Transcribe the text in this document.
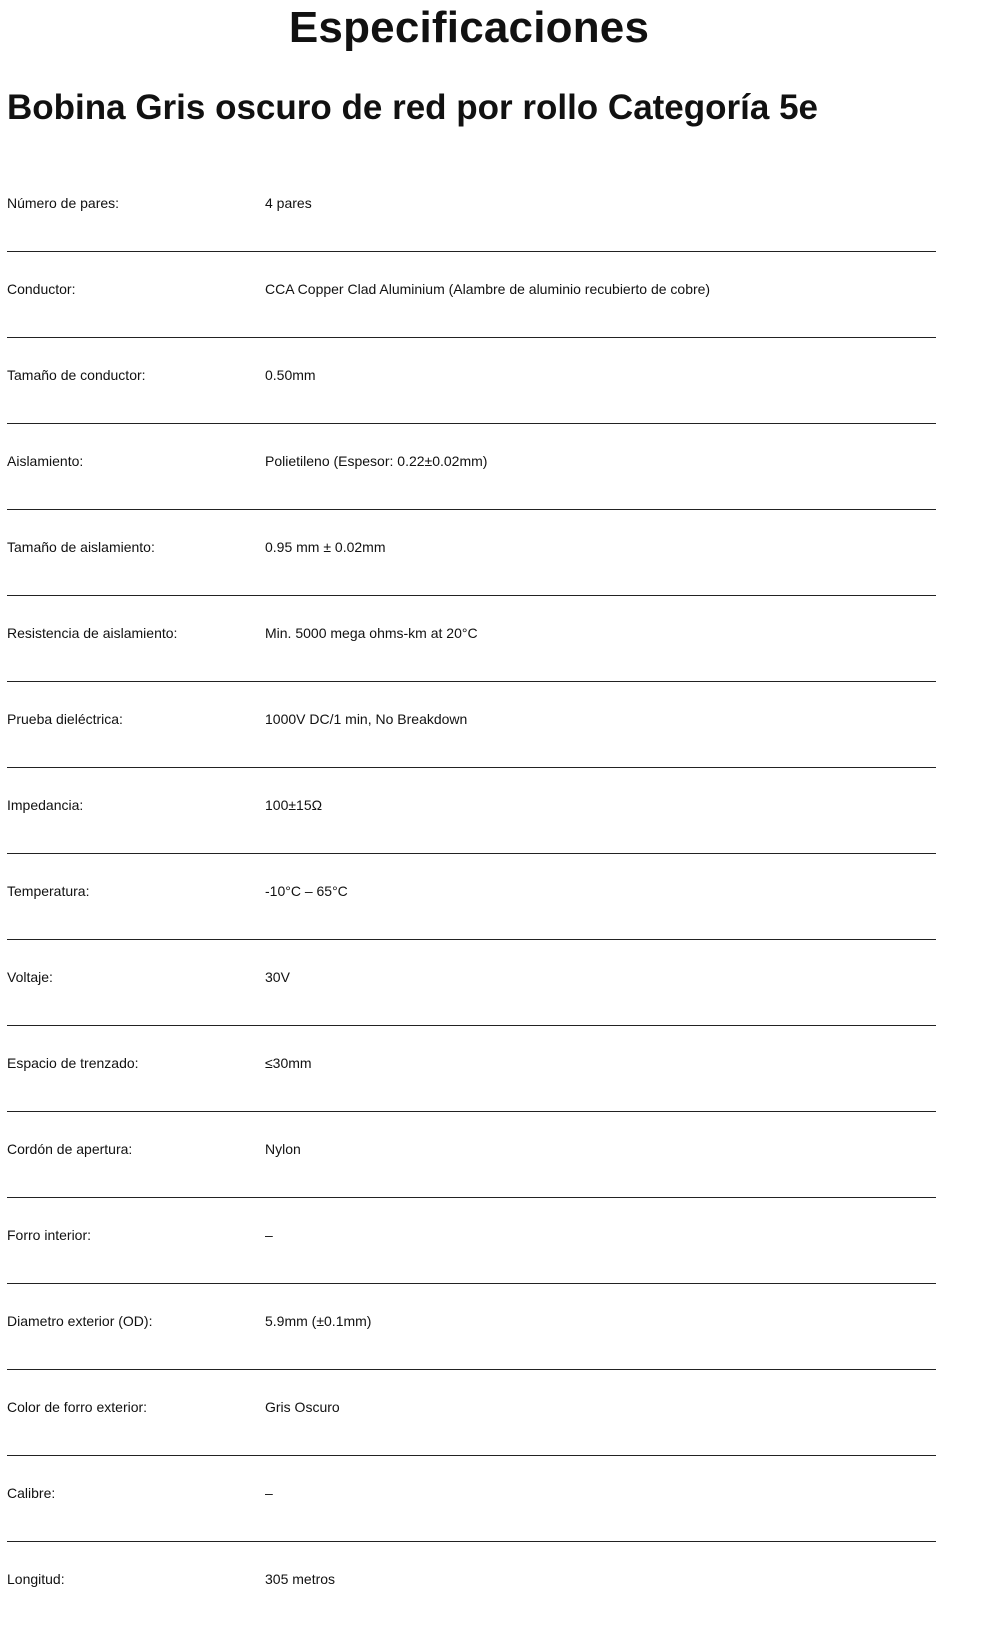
Especificaciones
Bobina Gris oscuro de red por rollo Categoría 5e
Número de pares:	4 pares
Conductor:	CCA Copper Clad Aluminium (Alambre de aluminio recubierto de cobre)
Tamaño de conductor:	0.50mm
Aislamiento:	Polietileno (Espesor: 0.22±0.02mm)
Tamaño de aislamiento:	0.95 mm ± 0.02mm
Resistencia de aislamiento:	Min. 5000 mega ohms-km at 20°C
Prueba dieléctrica:	1000V DC/1 min, No Breakdown
Impedancia:	100±15Ω
Temperatura:	-10°C – 65°C
Voltaje:	30V
Espacio de trenzado:	≤30mm
Cordón de apertura:	Nylon
Forro interior:	–
Diametro exterior (OD):	5.9mm (±0.1mm)
Color de forro exterior:	Gris Oscuro
Calibre:	–
Longitud:	305 metros
